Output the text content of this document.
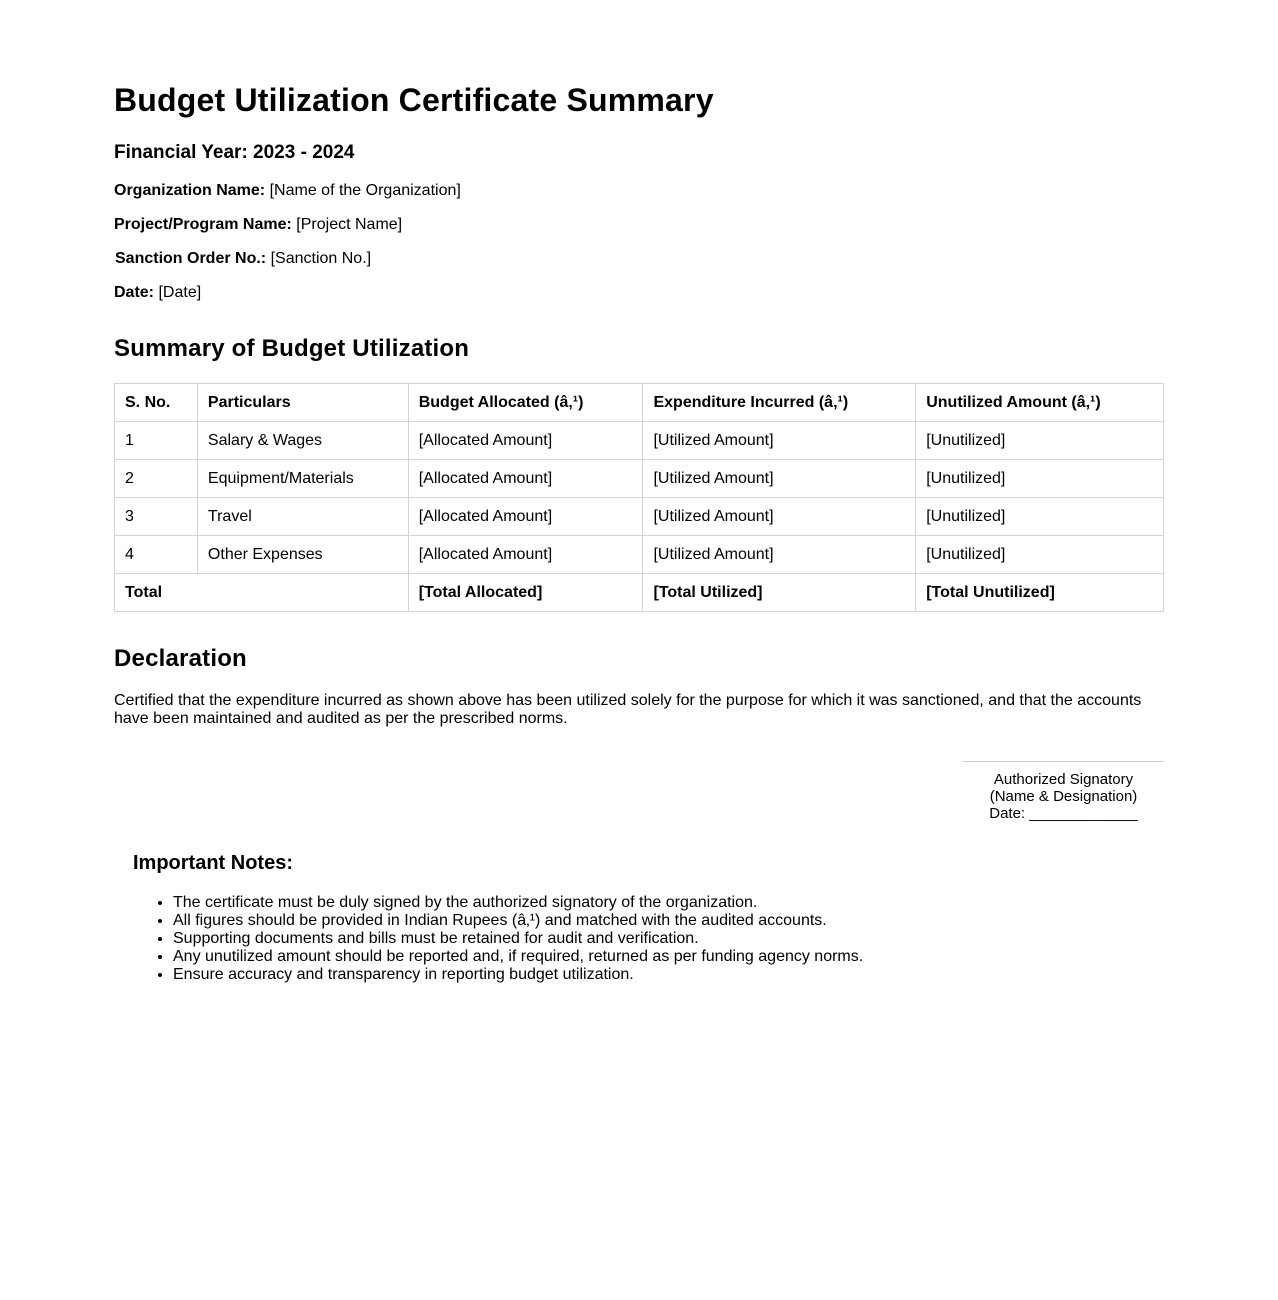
Budget Utilization Certificate Summary
Financial Year: 2023 - 2024
Organization Name: [Name of the Organization]
Project/Program Name: [Project Name]
Sanction Order No.: [Sanction No.]
Date: [Date]
Summary of Budget Utilization
S. No.	Particulars	Budget Allocated (â‚¹)	Expenditure Incurred (â‚¹)	Unutilized Amount (â‚¹)
1	Salary & Wages	[Allocated Amount]	[Utilized Amount]	[Unutilized]
2	Equipment/Materials	[Allocated Amount]	[Utilized Amount]	[Unutilized]
3	Travel	[Allocated Amount]	[Utilized Amount]	[Unutilized]
4	Other Expenses	[Allocated Amount]	[Utilized Amount]	[Unutilized]
Total		[Total Allocated]	[Total Utilized]	[Total Unutilized]
Declaration

Certified that the expenditure incurred as shown above has been utilized solely for the purpose for which it was sanctioned, and that the accounts have been maintained and audited as per the prescribed norms.

Authorized Signatory
(Name & Designation)
Date: _____________
Important Notes:
• The certificate must be duly signed by the authorized signatory of the organization.
• All figures should be provided in Indian Rupees (â‚¹) and matched with the audited accounts.
• Supporting documents and bills must be retained for audit and verification.
• Any unutilized amount should be reported and, if required, returned as per funding agency norms.
• Ensure accuracy and transparency in reporting budget utilization.
